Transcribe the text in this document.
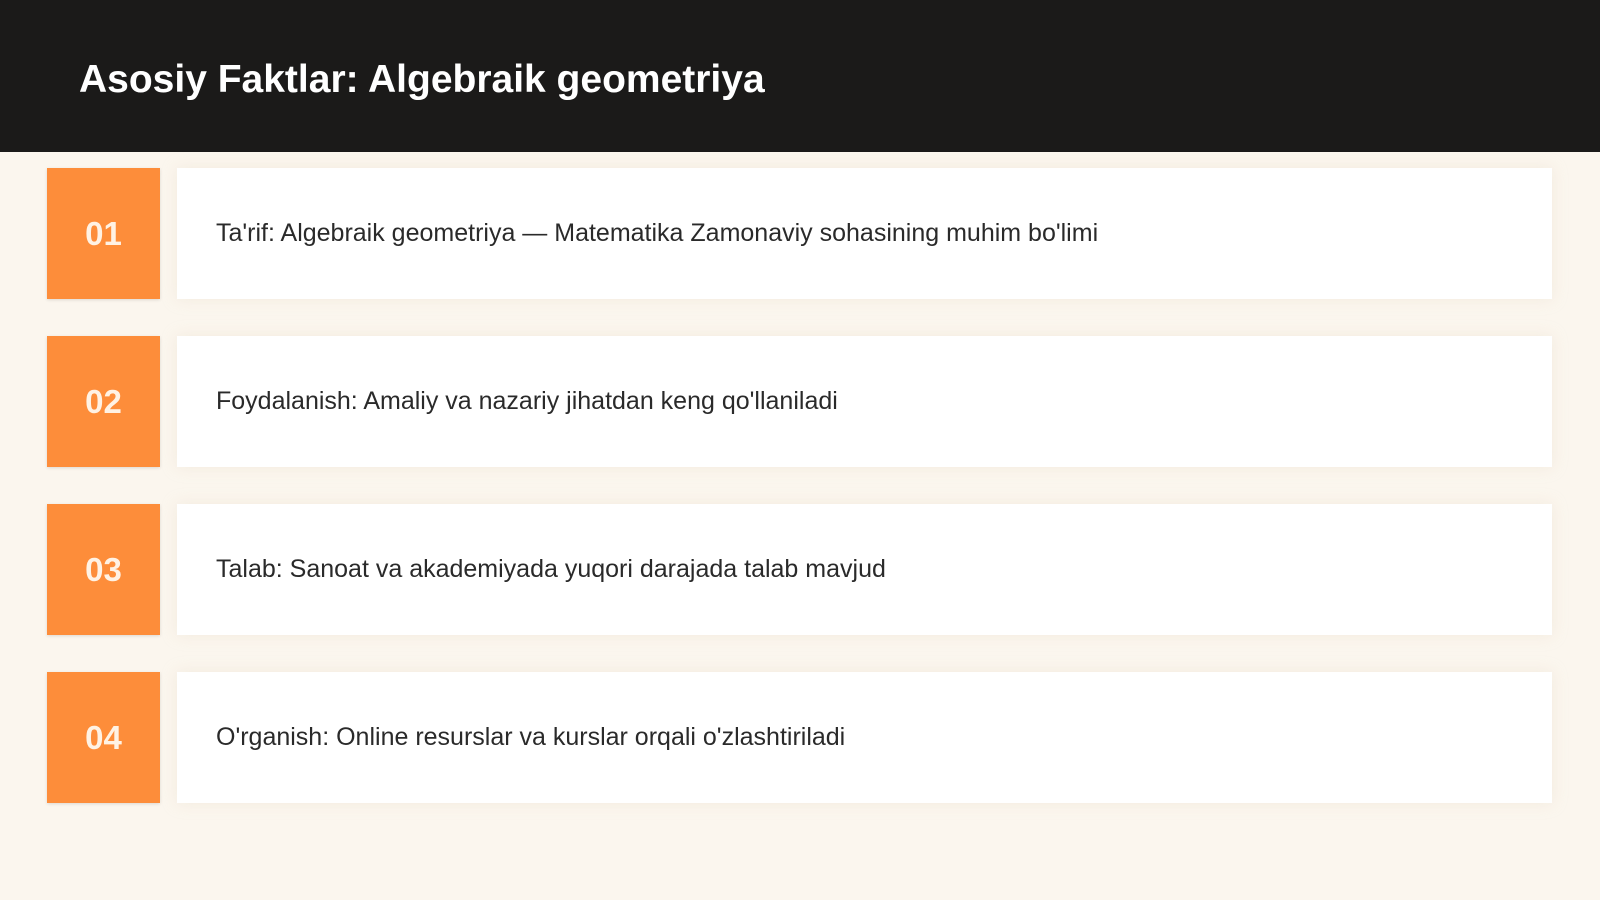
Asosiy Faktlar: Algebraik geometriya
01	Ta'rif: Algebraik geometriya — Matematika Zamonaviy sohasining muhim bo'limi
02	Foydalanish: Amaliy va nazariy jihatdan keng qo'llaniladi
03	Talab: Sanoat va akademiyada yuqori darajada talab mavjud
04	O'rganish: Online resurslar va kurslar orqali o'zlashtiriladi
